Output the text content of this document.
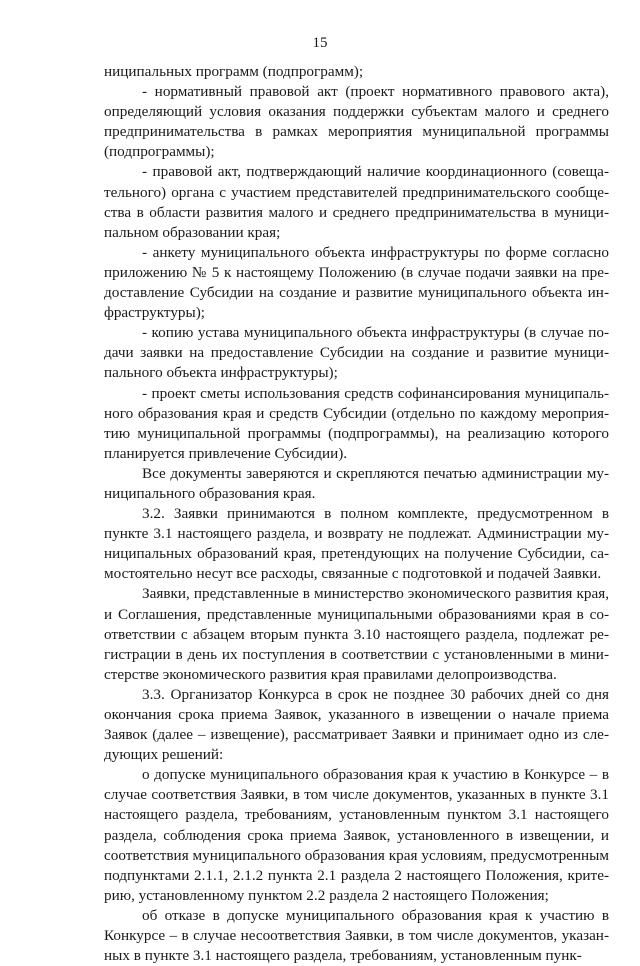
15

ниципальных программ (подпрограмм);

- нормативный правовой акт (проект нормативного правового акта), определяющий условия оказания поддержки субъектам малого и среднего предпринимательства в рамках мероприятия муниципальной программы (подпрограммы);

- правовой акт, подтверждающий наличие координационного (совещательного) органа с участием представителей предпринимательского сообщества в области развития малого и среднего предпринимательства в муниципальном образовании края;

- анкету муниципального объекта инфраструктуры по форме согласно приложению № 5 к настоящему Положению (в случае подачи заявки на предоставление Субсидии на создание и развитие муниципального объекта инфраструктуры);

- копию устава муниципального объекта инфраструктуры (в случае подачи заявки на предоставление Субсидии на создание и развитие муниципального объекта инфраструктуры);

- проект сметы использования средств софинансирования муниципального образования края и средств Субсидии (отдельно по каждому мероприятию муниципальной программы (подпрограммы), на реализацию которого планируется привлечение Субсидии).

Все документы заверяются и скрепляются печатью администрации муниципального образования края.

3.2. Заявки принимаются в полном комплекте, предусмотренном в пункте 3.1 настоящего раздела, и возврату не подлежат. Администрации муниципальных образований края, претендующих на получение Субсидии, самостоятельно несут все расходы, связанные с подготовкой и подачей Заявки.

Заявки, представленные в министерство экономического развития края, и Соглашения, представленные муниципальными образованиями края в соответствии с абзацем вторым пункта 3.10 настоящего раздела, подлежат регистрации в день их поступления в соответствии с установленными в министерстве экономического развития края правилами делопроизводства.

3.3. Организатор Конкурса в срок не позднее 30 рабочих дней со дня окончания срока приема Заявок, указанного в извещении о начале приема Заявок (далее – извещение), рассматривает Заявки и принимает одно из следующих решений:

о допуске муниципального образования края к участию в Конкурсе – в случае соответствия Заявки, в том числе документов, указанных в пункте 3.1 настоящего раздела, требованиям, установленным пунктом 3.1 настоящего раздела, соблюдения срока приема Заявок, установленного в извещении, и соответствия муниципального образования края условиям, предусмотренным подпунктами 2.1.1, 2.1.2 пункта 2.1 раздела 2 настоящего Положения, критерию, установленному пунктом 2.2 раздела 2 настоящего Положения;

об отказе в допуске муниципального образования края к участию в Конкурсе – в случае несоответствия Заявки, в том числе документов, указанных в пункте 3.1 настоящего раздела, требованиям, установленным пунк-
